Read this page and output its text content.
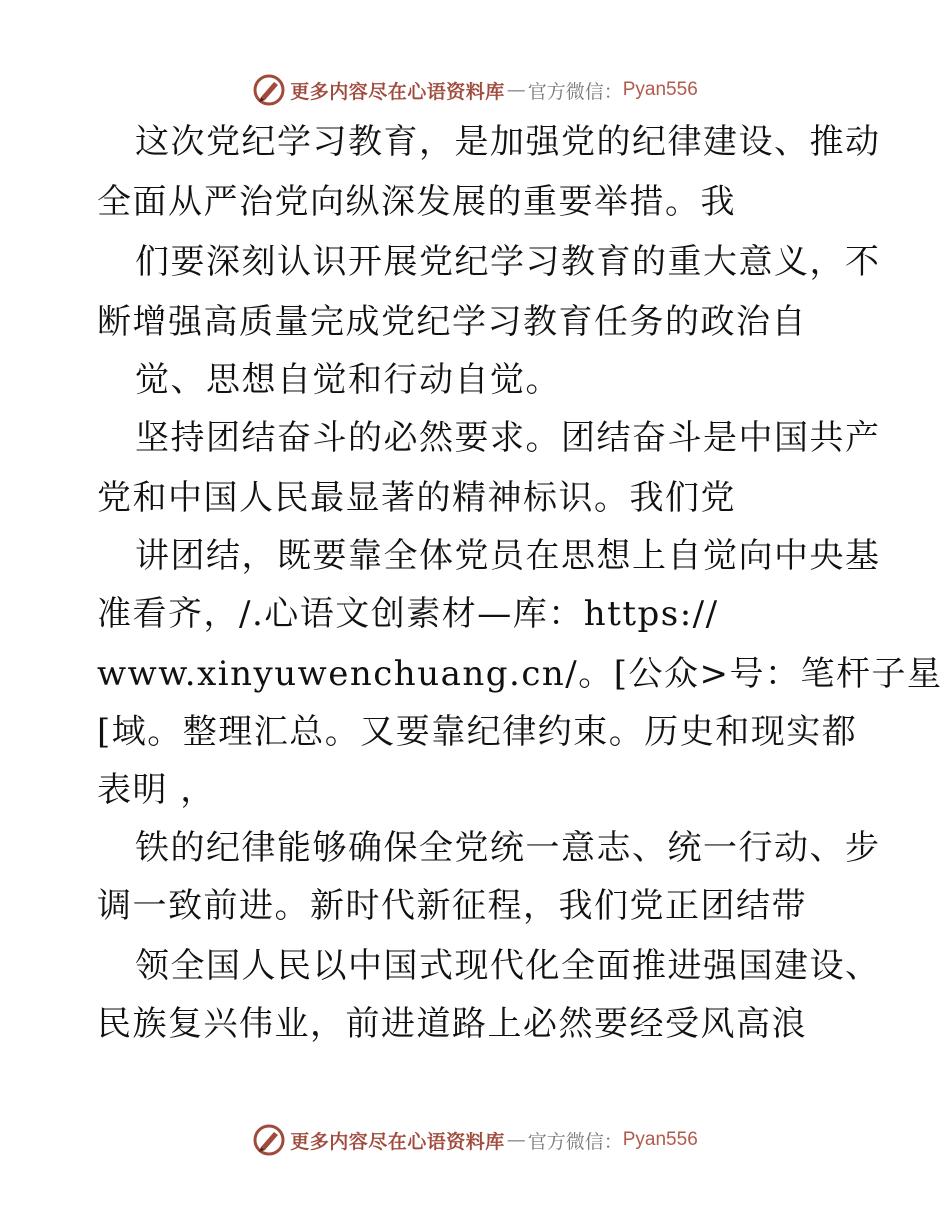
更多内容尽在心语资料库 — 官方微信： Pyan556
这次党纪学习教育，是加强党的纪律建设、推动
全面从严治党向纵深发展的重要举措。我
们要深刻认识开展党纪学习教育的重大意义，不
断增强高质量完成党纪学习教育任务的政治自
觉、思想自觉和行动自觉。
坚持团结奋斗的必然要求。团结奋斗是中国共产
党和中国人民最显著的精神标识。我们党
讲团结，既要靠全体党员在思想上自觉向中央基
准看齐，/.心语文创素材—库：https://
www.xinyuwenchuang.cn/。[公众>号：笔杆子星
[域。整理汇总。又要靠纪律约束。历史和现实都
表明 ，
铁的纪律能够确保全党统一意志、统一行动、步
调一致前进。新时代新征程，我们党正团结带
领全国人民以中国式现代化全面推进强国建设、
民族复兴伟业，前进道路上必然要经受风高浪
更多内容尽在心语资料库 — 官方微信： Pyan556
